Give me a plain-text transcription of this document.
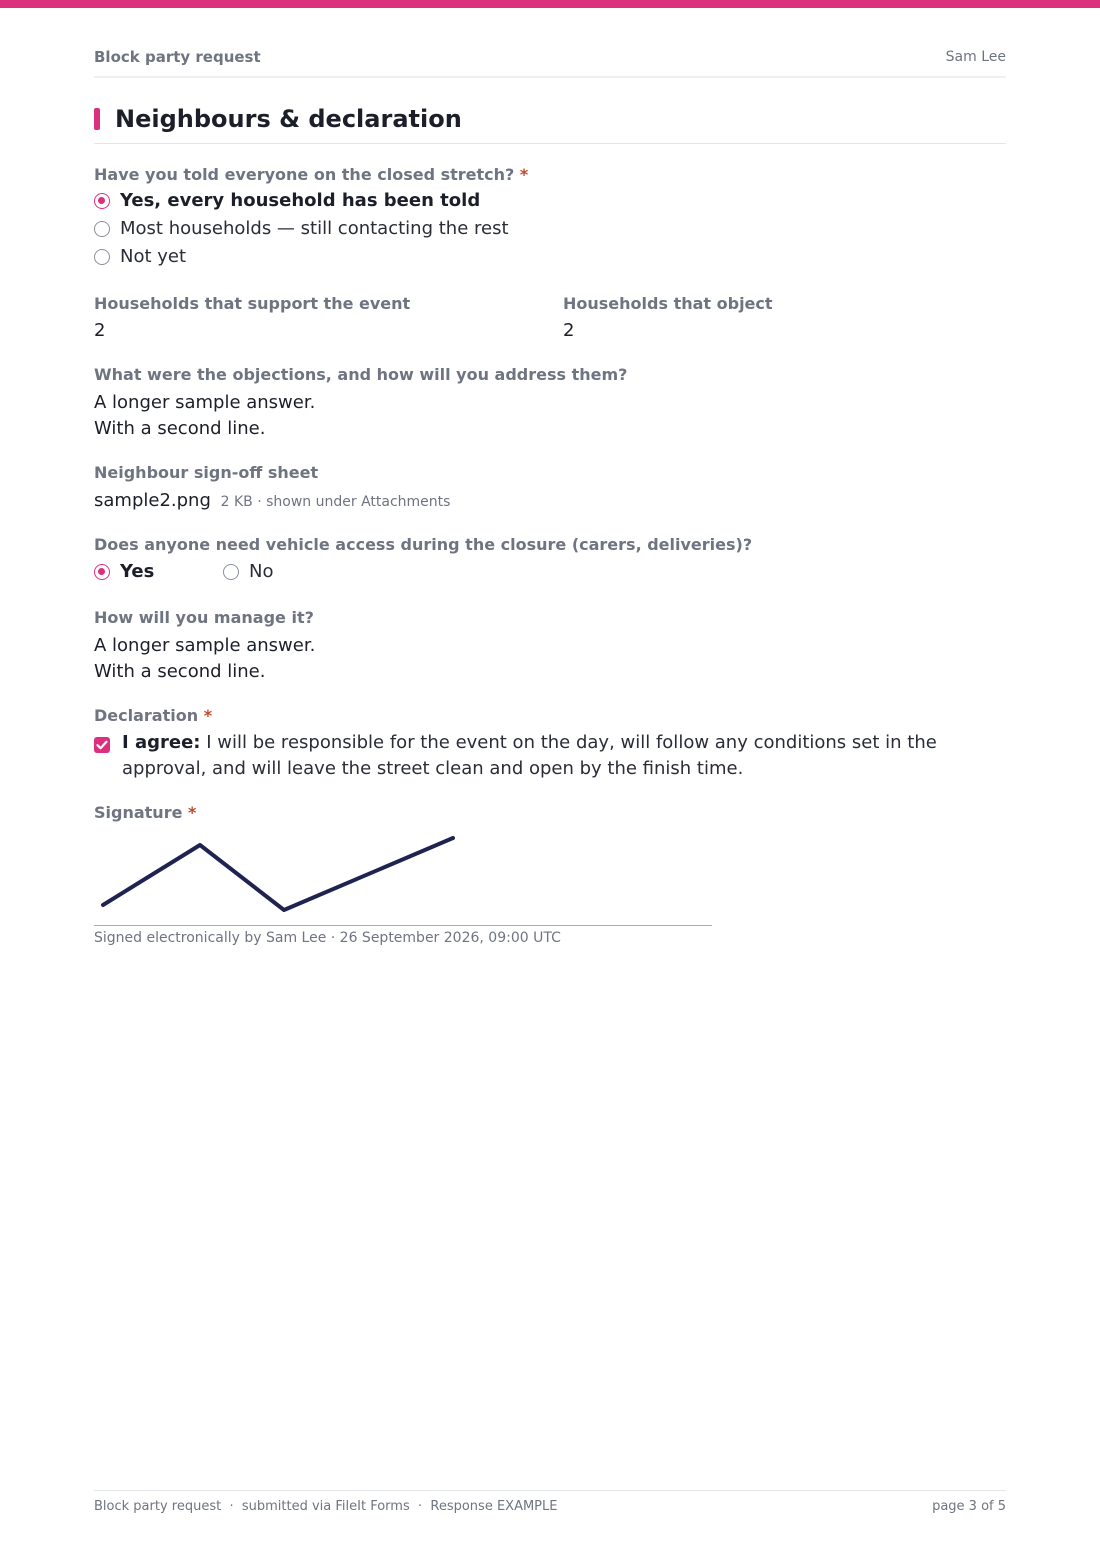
Block party request	Sam Lee
Neighbours & declaration
Have you told everyone on the closed stretch? *
Yes, every household has been told
Most households — still contacting the rest
Not yet
Households that support the event
2
Households that object
2
What were the objections, and how will you address them?
A longer sample answer.
With a second line.
Neighbour sign-off sheet
sample2.png 2 KB · shown under Attachments
Does anyone need vehicle access during the closure (carers, deliveries)?
Yes	No
How will you manage it?
A longer sample answer.
With a second line.
Declaration *
I agree: I will be responsible for the event on the day, will follow any conditions set in the approval, and will leave the street clean and open by the finish time.
Signature *
Signed electronically by Sam Lee · 26 September 2026, 09:00 UTC
Block party request  ·  submitted via FileIt Forms  ·  Response EXAMPLE	page 3 of 5
